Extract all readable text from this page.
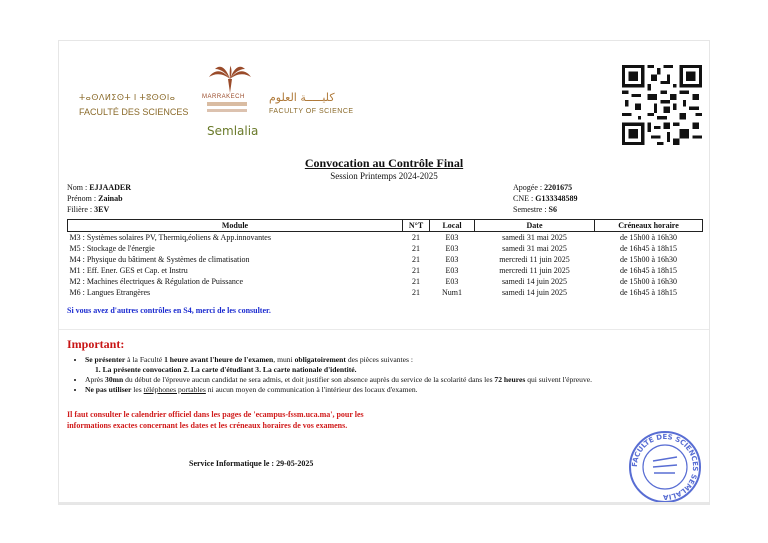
ⵜⴰⵙⴷⵍⵉⵙⵜ ⵏ ⵜⵓⵙⵙⵏⴰ
FACULTÉ DES SCIENCES
MARRAKECH
Semlalia
كليـــــة العلوم
FACULTY OF SCIENCE
Convocation au Contrôle Final
Session Printemps 2024-2025
Nom : EJJAADER
Prénom : Zainab
Filière : 3EV
Apogée : 2201675
CNE : G133348589
Semestre : S6
Module	N°T	Local	Date	Créneaux horaire
M3 : Systèmes solaires PV, Thermiq,éoliens & App.innovantes	21	E03	samedi 31 mai 2025	de 15h00 à 16h30
M5 : Stockage de l'énergie	21	E03	samedi 31 mai 2025	de 16h45 à 18h15
M4 : Physique du bâtiment & Systèmes de climatisation	21	E03	mercredi 11 juin 2025	de 15h00 à 16h30
M1 : Eff. Ener. GES et Cap. et Instru	21	E03	mercredi 11 juin 2025	de 16h45 à 18h15
M2 : Machines électriques & Régulation de Puissance	21	E03	samedi 14 juin 2025	de 15h00 à 16h30
M6 : Langues Etrangères	21	Num1	samedi 14 juin 2025	de 16h45 à 18h15
Si vous avez d'autres contrôles en S4, merci de les consulter.
Important:
• Se présenter à la Faculté 1 heure avant l'heure de l'examen, muni obligatoirement des pièces suivantes :
1. La présente convocation 2. La carte d'étudiant 3. La carte nationale d'identité.
• Après 30mn du début de l'épreuve aucun candidat ne sera admis, et doit justifier son absence auprès du service de la scolarité dans les 72 heures qui suivent l'épreuve.
• Ne pas utiliser les téléphones portables ni aucun moyen de communication à l'intérieur des locaux d'examen.
Il faut consulter le calendrier officiel dans les pages de 'ecampus-fssm.uca.ma', pour les informations exactes concernant les dates et les créneaux horaires de vos examens.
Service Informatique le : 29-05-2025	FACULTÉ DES SCIENCES SEMLALIA
